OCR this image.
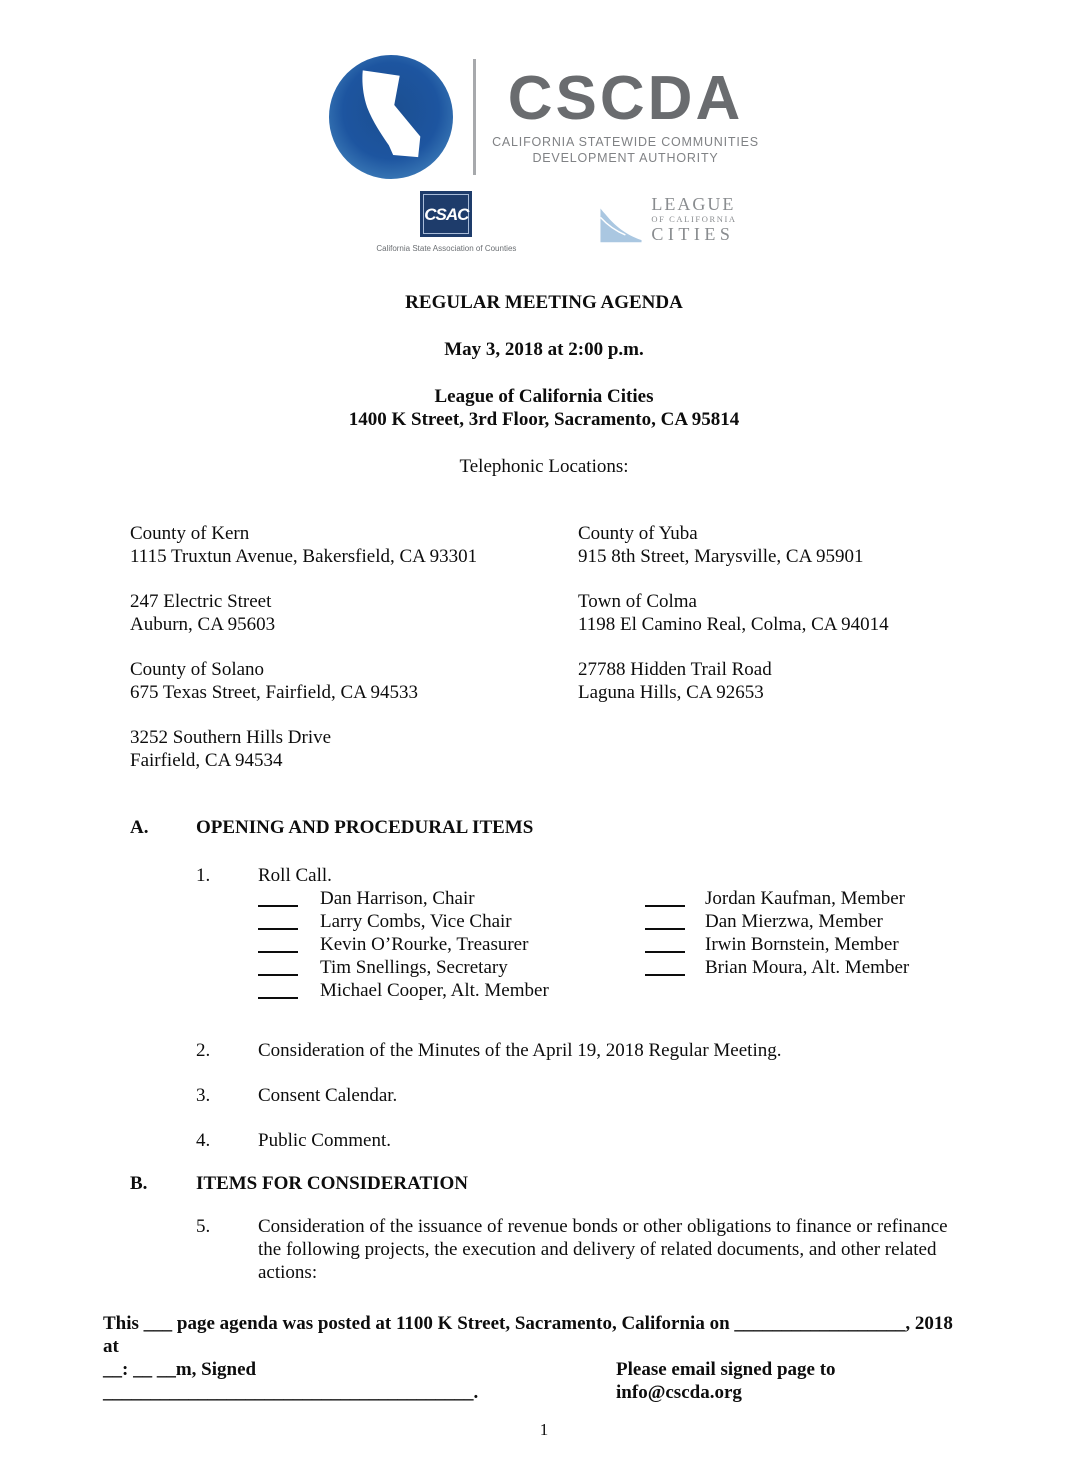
CSCDA
CALIFORNIA STATEWIDE COMMUNITIES
DEVELOPMENT AUTHORITY
CSAC
California State Association of Counties
LEAGUE
OF CALIFORNIA
CITIES
REGULAR MEETING AGENDA
May 3, 2018 at 2:00 p.m.
League of California Cities
1400 K Street, 3rd Floor, Sacramento, CA 95814
Telephonic Locations:
County of Kern
1115 Truxtun Avenue, Bakersfield, CA 93301
County of Yuba
915 8th Street, Marysville, CA 95901
247 Electric Street
Auburn, CA 95603
Town of Colma
1198 El Camino Real, Colma, CA 94014
County of Solano
675 Texas Street, Fairfield, CA 94533
27788 Hidden Trail Road
Laguna Hills, CA 92653
3252 Southern Hills Drive
Fairfield, CA 94534
A.	OPENING AND PROCEDURAL ITEMS
1.	Roll Call.
Dan Harrison, Chair	Jordan Kaufman, Member
Larry Combs, Vice Chair	Dan Mierzwa, Member
Kevin O’Rourke, Treasurer	Irwin Bornstein, Member
Tim Snellings, Secretary	Brian Moura, Alt. Member
Michael Cooper, Alt. Member
2.	Consideration of the Minutes of the April 19, 2018 Regular Meeting.
3.	Consent Calendar.
4.	Public Comment.
B.	ITEMS FOR CONSIDERATION
5.	Consideration of the issuance of revenue bonds or other obligations to finance or refinance the following projects, the execution and delivery of related documents, and other related actions:
This ___ page agenda was posted at 1100 K Street, Sacramento, California on __________________, 2018 at
__: __ __m, Signed _______________________________________.
Please email signed page to info@cscda.org
1
